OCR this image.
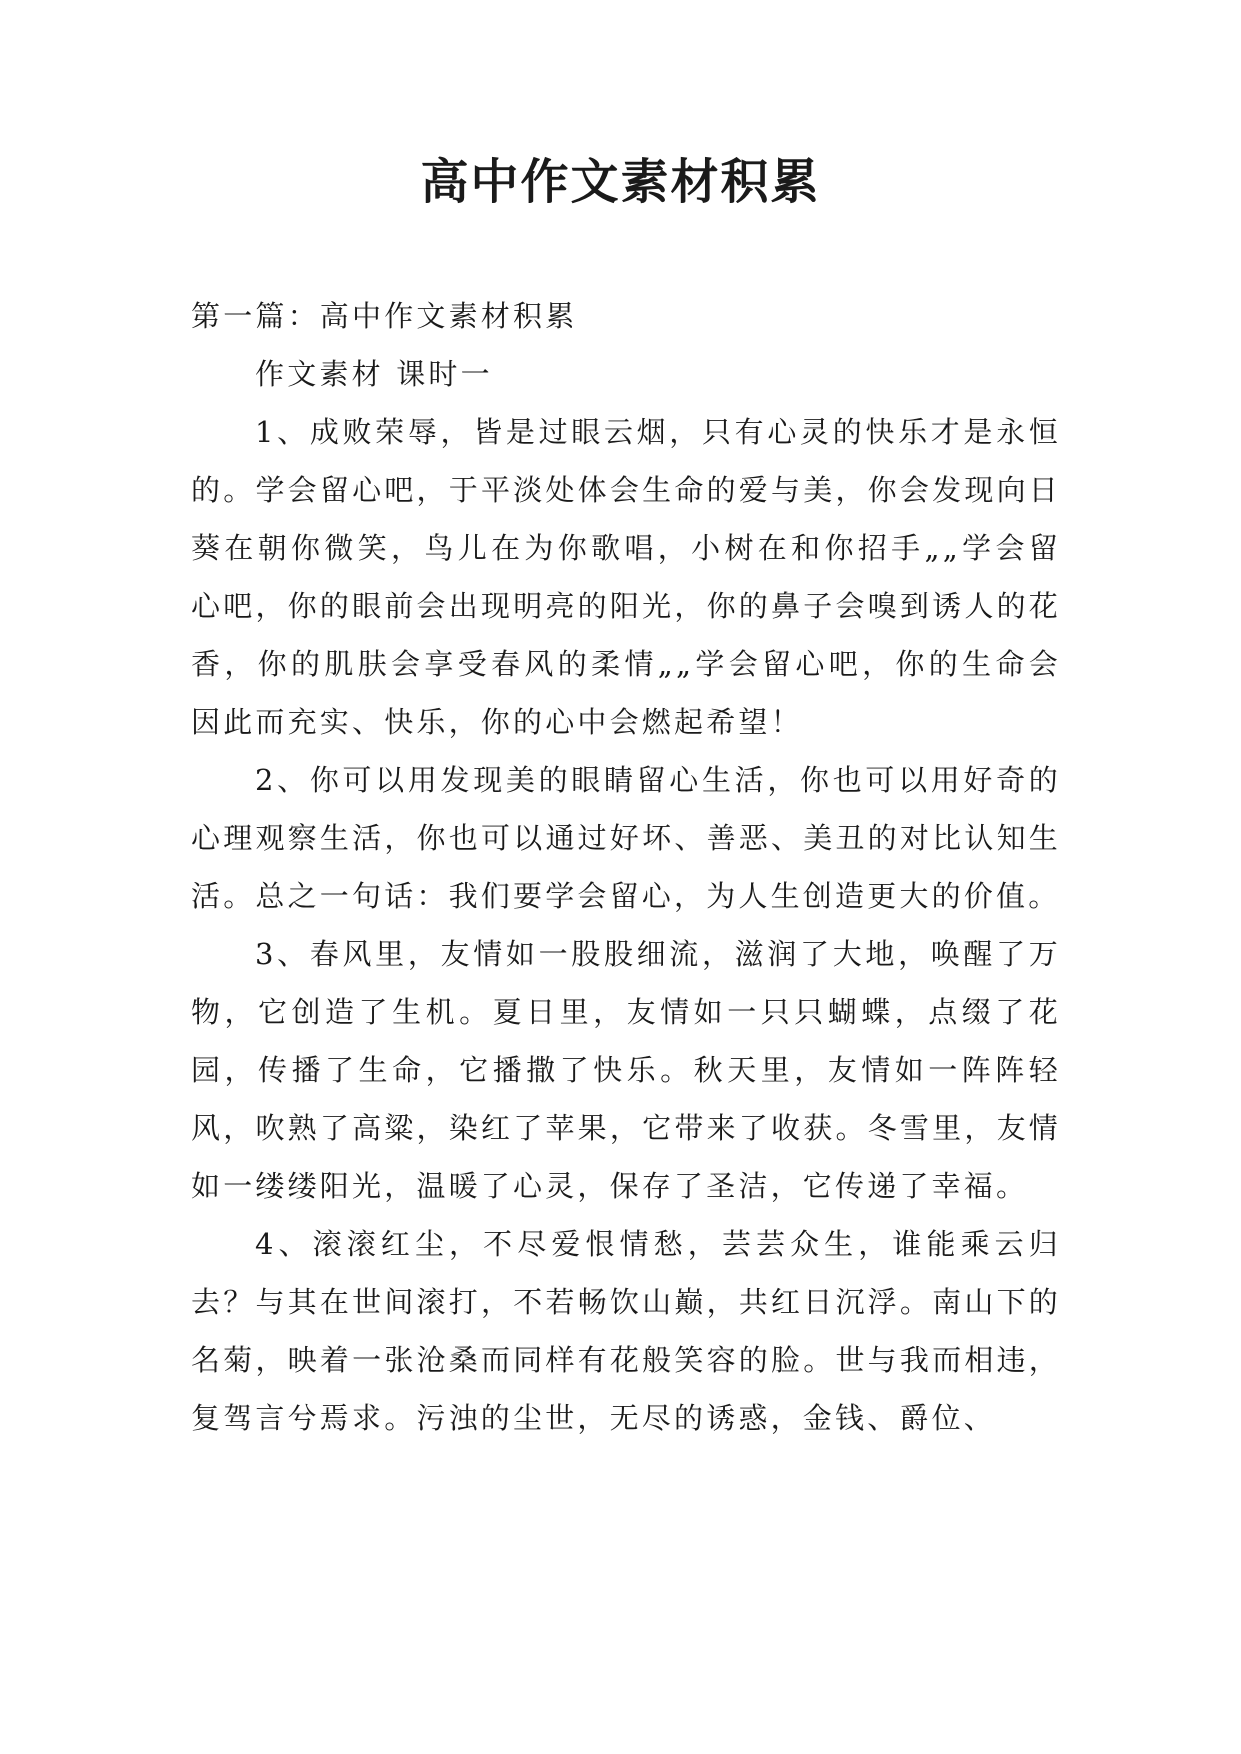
高中作文素材积累

第一篇：高中作文素材积累

作文素材 课时一

1、成败荣辱，皆是过眼云烟，只有心灵的快乐才是永恒的。学会留心吧，于平淡处体会生命的爱与美，你会发现向日葵在朝你微笑，鸟儿在为你歌唱，小树在和你招手„„学会留心吧，你的眼前会出现明亮的阳光，你的鼻子会嗅到诱人的花香，你的肌肤会享受春风的柔情„„学会留心吧，你的生命会因此而充实、快乐，你的心中会燃起希望！

2、你可以用发现美的眼睛留心生活，你也可以用好奇的心理观察生活，你也可以通过好坏、善恶、美丑的对比认知生活。总之一句话：我们要学会留心，为人生创造更大的价值。

3、春风里，友情如一股股细流，滋润了大地，唤醒了万物，它创造了生机。夏日里，友情如一只只蝴蝶，点缀了花园，传播了生命，它播撒了快乐。秋天里，友情如一阵阵轻风，吹熟了高粱，染红了苹果，它带来了收获。冬雪里，友情如一缕缕阳光，温暖了心灵，保存了圣洁，它传递了幸福。

4、滚滚红尘，不尽爱恨情愁，芸芸众生，谁能乘云归去？与其在世间滚打，不若畅饮山巅，共红日沉浮。南山下的名菊，映着一张沧桑而同样有花般笑容的脸。世与我而相违，复驾言兮焉求。污浊的尘世，无尽的诱惑，金钱、爵位、
